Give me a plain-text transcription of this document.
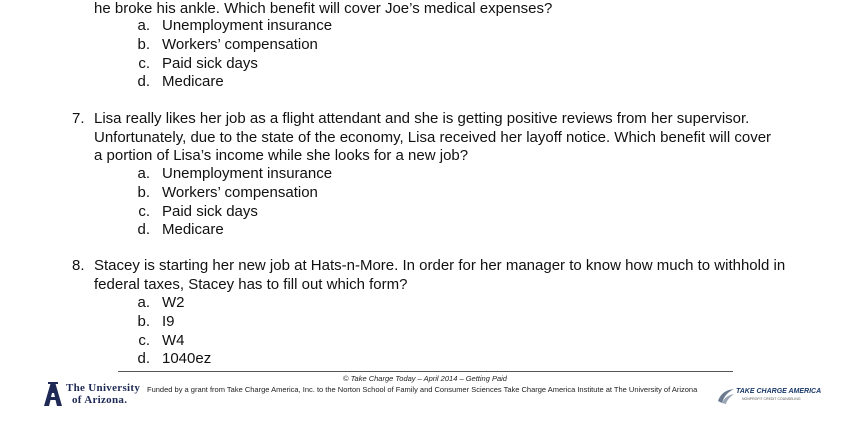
he broke his ankle. Which benefit will cover Joe’s medical expenses?
a. Unemployment insurance
b. Workers’ compensation
c. Paid sick days
d. Medicare
7. Lisa really likes her job as a flight attendant and she is getting positive reviews from her supervisor.
Unfortunately, due to the state of the economy, Lisa received her layoff notice. Which benefit will cover
a portion of Lisa’s income while she looks for a new job?
a. Unemployment insurance
b. Workers’ compensation
c. Paid sick days
d. Medicare
8. Stacey is starting her new job at Hats-n-More. In order for her manager to know how much to withhold in
federal taxes, Stacey has to fill out which form?
a. W2
b. I9
c. W4
d. 1040ez
© Take Charge Today – April 2014 – Getting Paid
Funded by a grant from Take Charge America, Inc. to the Norton School of Family and Consumer Sciences Take Charge America Institute at The University of Arizona
The University
of Arizona.
TAKE CHARGE AMERICA
NONPROFIT CREDIT COUNSELING
